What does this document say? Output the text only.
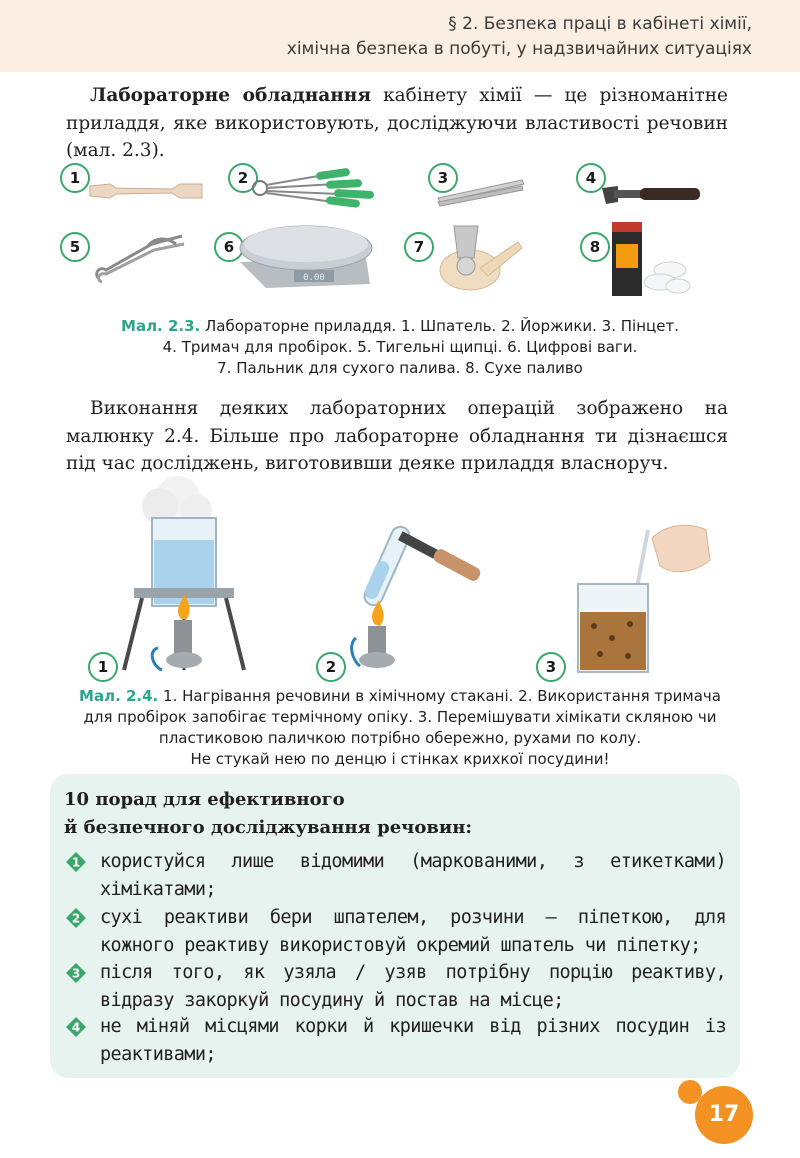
§ 2. Безпека праці в кабінеті хімії,
хімічна безпека в побуті, у надзвичайних ситуаціях

Лабораторне обладнання кабінету хімії — це різноманітне приладдя, яке використовують, досліджуючи властивості речовин (мал. 2.3).

1	2	3	4
5	6	7	8
0.00
Мал. 2.3. Лабораторне приладдя. 1. Шпатель. 2. Йоржики. 3. Пінцет.
4. Тримач для пробірок. 5. Тигельні щипці. 6. Цифрові ваги.
7. Пальник для сухого палива. 8. Сухе паливо

Виконання деяких лабораторних операцій зображено на малюнку 2.4. Більше про лабораторне обладнання ти дізнаєшся під час досліджень, виготовивши деяке приладдя власноруч.

1	2	3
Мал. 2.4. 1. Нагрівання речовини в хімічному стакані. 2. Використання тримача
для пробірок запобігає термічному опіку. 3. Перемішувати хімікати скляною чи
пластиковою паличкою потрібно обережно, рухами по колу.
Не стукай нею по денцю і стінках крихкої посудини!
10 порад для ефективного
й безпечного досліджування речовин:
1 користуйся лише відомими (маркованими, з етикетками) хімікатами;
2 сухі реактиви бери шпателем, розчини — піпеткою, для кожного реактиву використовуй окремий шпатель чи піпетку;
3 після того, як узяла / узяв потрібну порцію реактиву, відразу закоркуй посудину й постав на місце;
4 не міняй місцями корки й кришечки від різних посудин із реактивами;
17
